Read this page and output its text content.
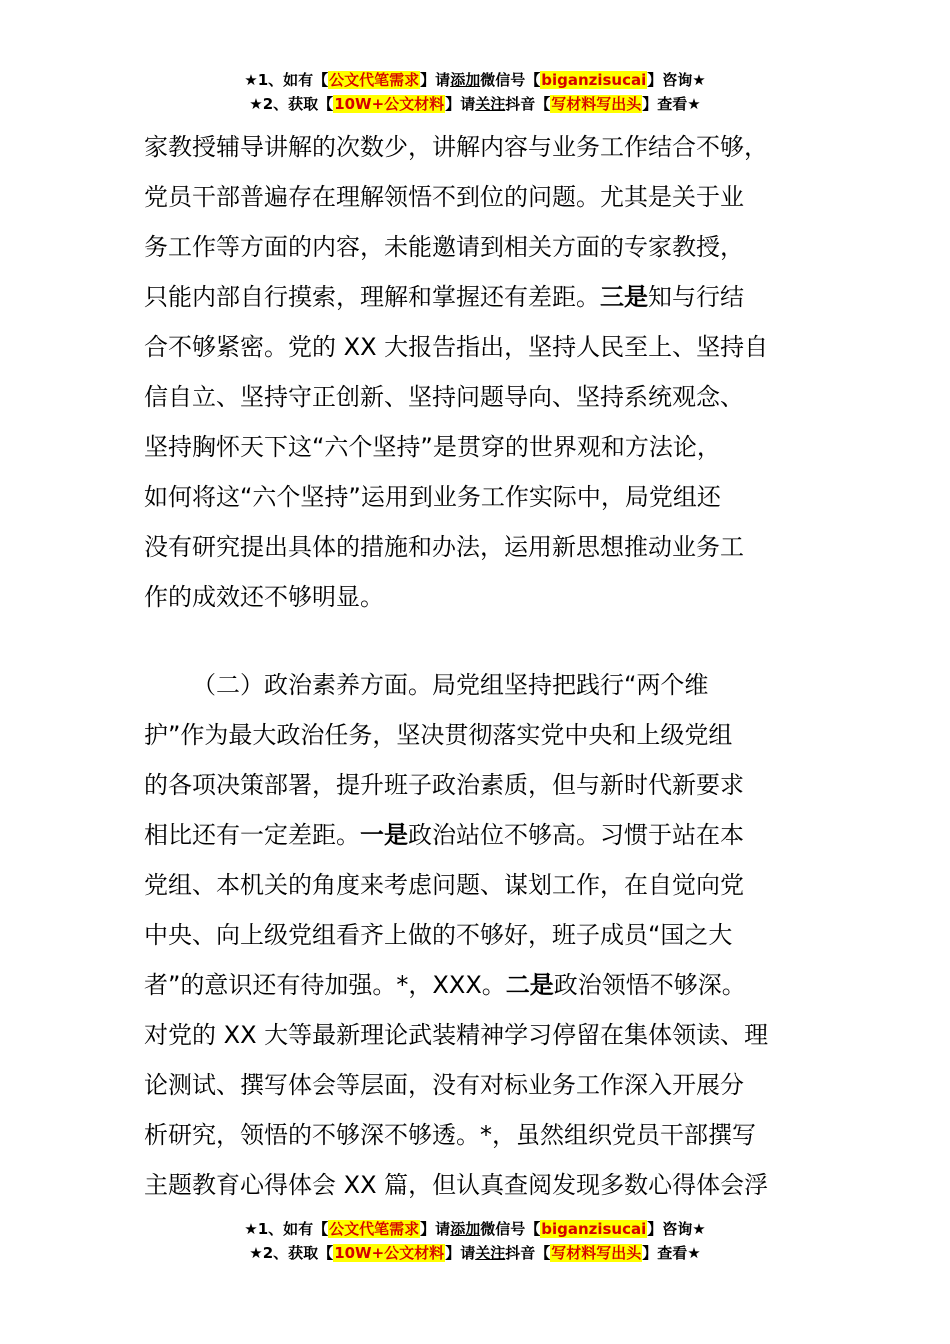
★1、如有【公文代笔需求】请添加微信号【biganzisucai】咨询★
★2、获取【10W+公文材料】请关注抖音【写材料写出头】查看★
家教授辅导讲解的次数少，讲解内容与业务工作结合不够，
党员干部普遍存在理解领悟不到位的问题。尤其是关于业
务工作等方面的内容，未能邀请到相关方面的专家教授，
只能内部自行摸索，理解和掌握还有差距。三是知与行结
合不够紧密。党的 XX 大报告指出，坚持人民至上、坚持自
信自立、坚持守正创新、坚持问题导向、坚持系统观念、
坚持胸怀天下这“六个坚持”是贯穿的世界观和方法论，
如何将这“六个坚持”运用到业务工作实际中，局党组还
没有研究提出具体的措施和办法，运用新思想推动业务工
作的成效还不够明显。
（二）政治素养方面。局党组坚持把践行“两个维
护”作为最大政治任务，坚决贯彻落实党中央和上级党组
的各项决策部署，提升班子政治素质，但与新时代新要求
相比还有一定差距。一是政治站位不够高。习惯于站在本
党组、本机关的角度来考虑问题、谋划工作，在自觉向党
中央、向上级党组看齐上做的不够好，班子成员“国之大
者”的意识还有待加强。*，XXX。二是政治领悟不够深。
对党的 XX 大等最新理论武装精神学习停留在集体领读、理
论测试、撰写体会等层面，没有对标业务工作深入开展分
析研究，领悟的不够深不够透。*，虽然组织党员干部撰写
主题教育心得体会 XX 篇，但认真查阅发现多数心得体会浮
★1、如有【公文代笔需求】请添加微信号【biganzisucai】咨询★
★2、获取【10W+公文材料】请关注抖音【写材料写出头】查看★
